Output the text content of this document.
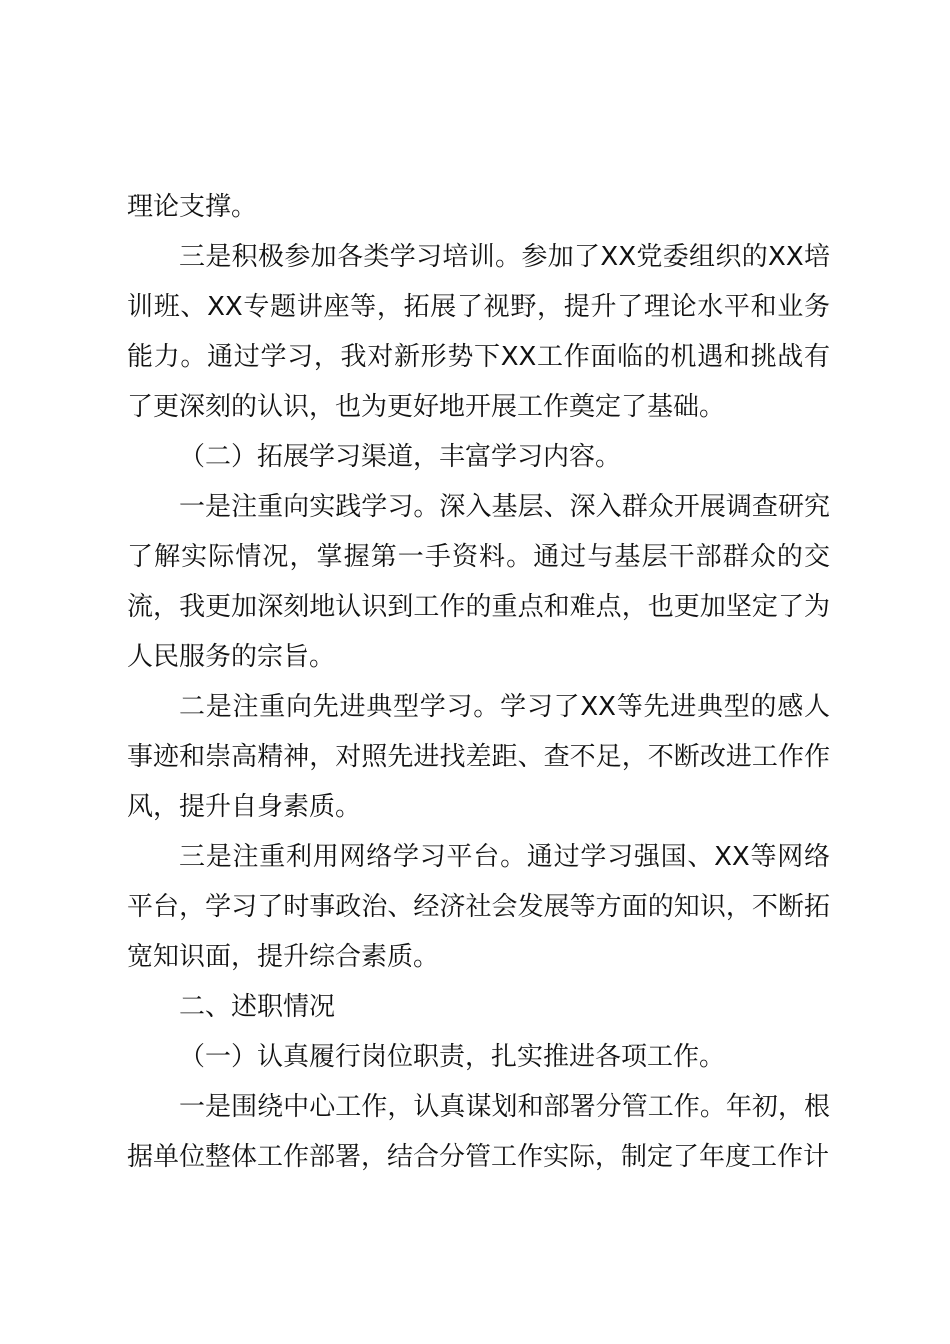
理论支撑。

三是积极参加各类学习培训。参加了XX党委组织的XX培训班、XX专题讲座等，拓展了视野，提升了理论水平和业务能力。通过学习，我对新形势下XX工作面临的机遇和挑战有了更深刻的认识，也为更好地开展工作奠定了基础。

（二）拓展学习渠道，丰富学习内容。

一是注重向实践学习。深入基层、深入群众开展调查研究了解实际情况，掌握第一手资料。通过与基层干部群众的交流，我更加深刻地认识到工作的重点和难点，也更加坚定了为人民服务的宗旨。

二是注重向先进典型学习。学习了XX等先进典型的感人事迹和崇高精神，对照先进找差距、查不足，不断改进工作作风，提升自身素质。

三是注重利用网络学习平台。通过学习强国、XX等网络平台，学习了时事政治、经济社会发展等方面的知识，不断拓宽知识面，提升综合素质。

二、述职情况

（一）认真履行岗位职责，扎实推进各项工作。

一是围绕中心工作，认真谋划和部署分管工作。年初，根据单位整体工作部署，结合分管工作实际，制定了年度工作计
